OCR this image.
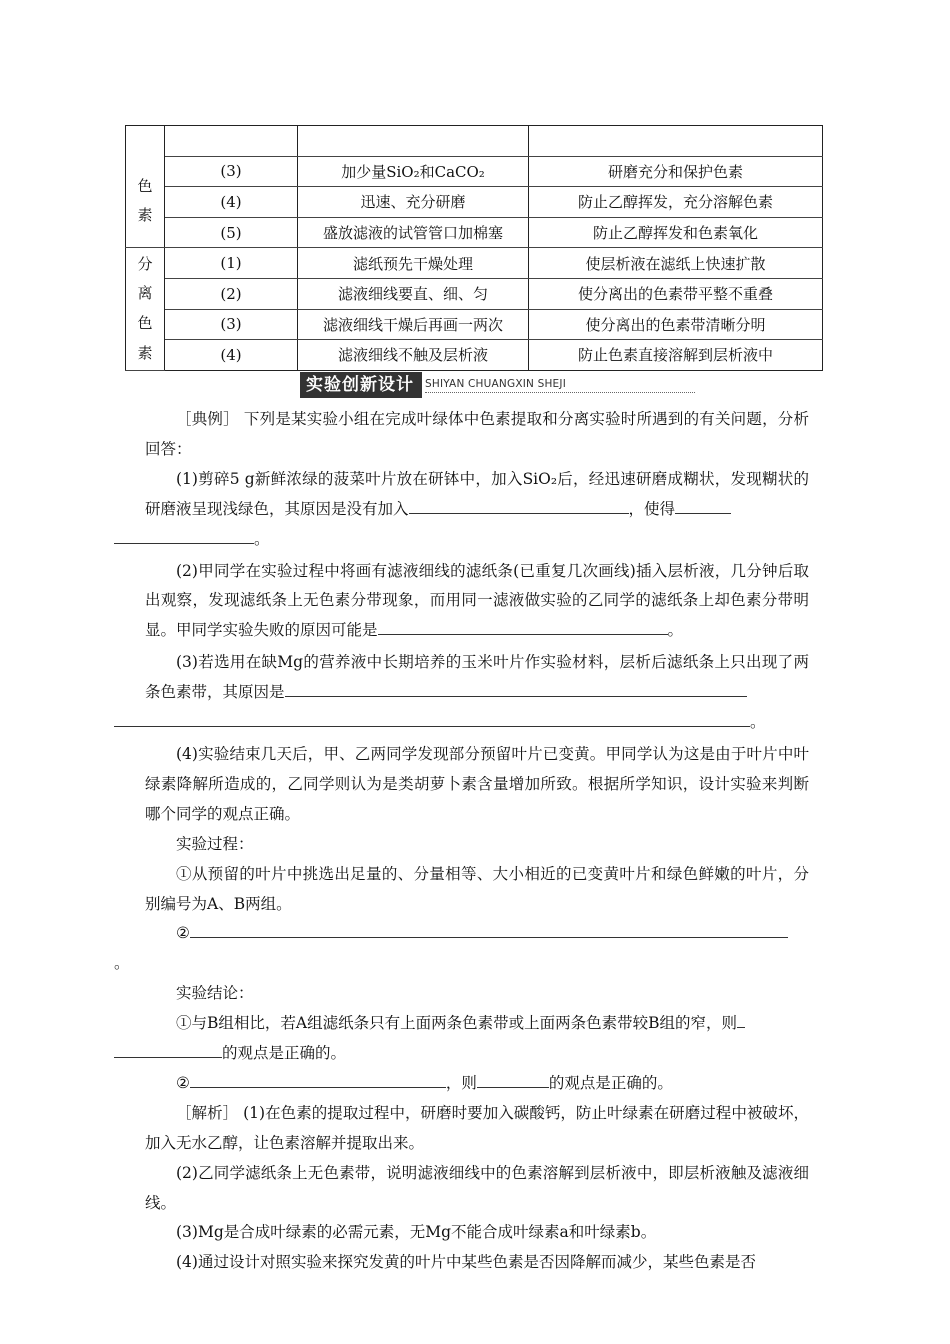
色素			

	(3)	加少量SiO₂和CaCO₂	研磨充分和保护色素
	(4)	迅速、充分研磨	防止乙醇挥发，充分溶解色素
	(5)	盛放滤液的试管管口加棉塞	防止乙醇挥发和色素氧化

分离色素	(1)	滤纸预先干燥处理	使层析液在滤纸上快速扩散
	(2)	滤液细线要直、细、匀	使分离出的色素带平整不重叠
	(3)	滤液细线干燥后再画一两次	使分离出的色素带清晰分明
	(4)	滤液细线不触及层析液	防止色素直接溶解到层析液中
实验创新设计	SHIYAN CHUANGXIN SHEJI

［典例］ 下列是某实验小组在完成叶绿体中色素提取和分离实验时所遇到的有关问题，分析回答：

(1)剪碎5 g新鲜浓绿的菠菜叶片放在研钵中，加入SiO₂后，经迅速研磨成糊状，发现糊状的研磨液呈现浅绿色，其原因是没有加入	，使得
。

(2)甲同学在实验过程中将画有滤液细线的滤纸条(已重复几次画线)插入层析液，几分钟后取出观察，发现滤纸条上无色素分带现象，而用同一滤液做实验的乙同学的滤纸条上却色素分带明显。甲同学实验失败的原因可能是	。

(3)若选用在缺Mg的营养液中长期培养的玉米叶片作实验材料，层析后滤纸条上只出现了两条色素带，其原因是
。

(4)实验结束几天后，甲、乙两同学发现部分预留叶片已变黄。甲同学认为这是由于叶片中叶绿素降解所造成的，乙同学则认为是类胡萝卜素含量增加所致。根据所学知识，设计实验来判断哪个同学的观点正确。

实验过程：

①从预留的叶片中挑选出足量的、分量相等、大小相近的已变黄叶片和绿色鲜嫩的叶片，分别编号为A、B两组。

②
。

实验结论：

①与B组相比，若A组滤纸条只有上面两条色素带或上面两条色素带较B组的窄，则
的观点是正确的。

②	，则	的观点是正确的。

［解析］ (1)在色素的提取过程中，研磨时要加入碳酸钙，防止叶绿素在研磨过程中被破坏，加入无水乙醇，让色素溶解并提取出来。

(2)乙同学滤纸条上无色素带，说明滤液细线中的色素溶解到层析液中，即层析液触及滤液细线。

(3)Mg是合成叶绿素的必需元素，无Mg不能合成叶绿素a和叶绿素b。

(4)通过设计对照实验来探究发黄的叶片中某些色素是否因降解而减少，某些色素是否
